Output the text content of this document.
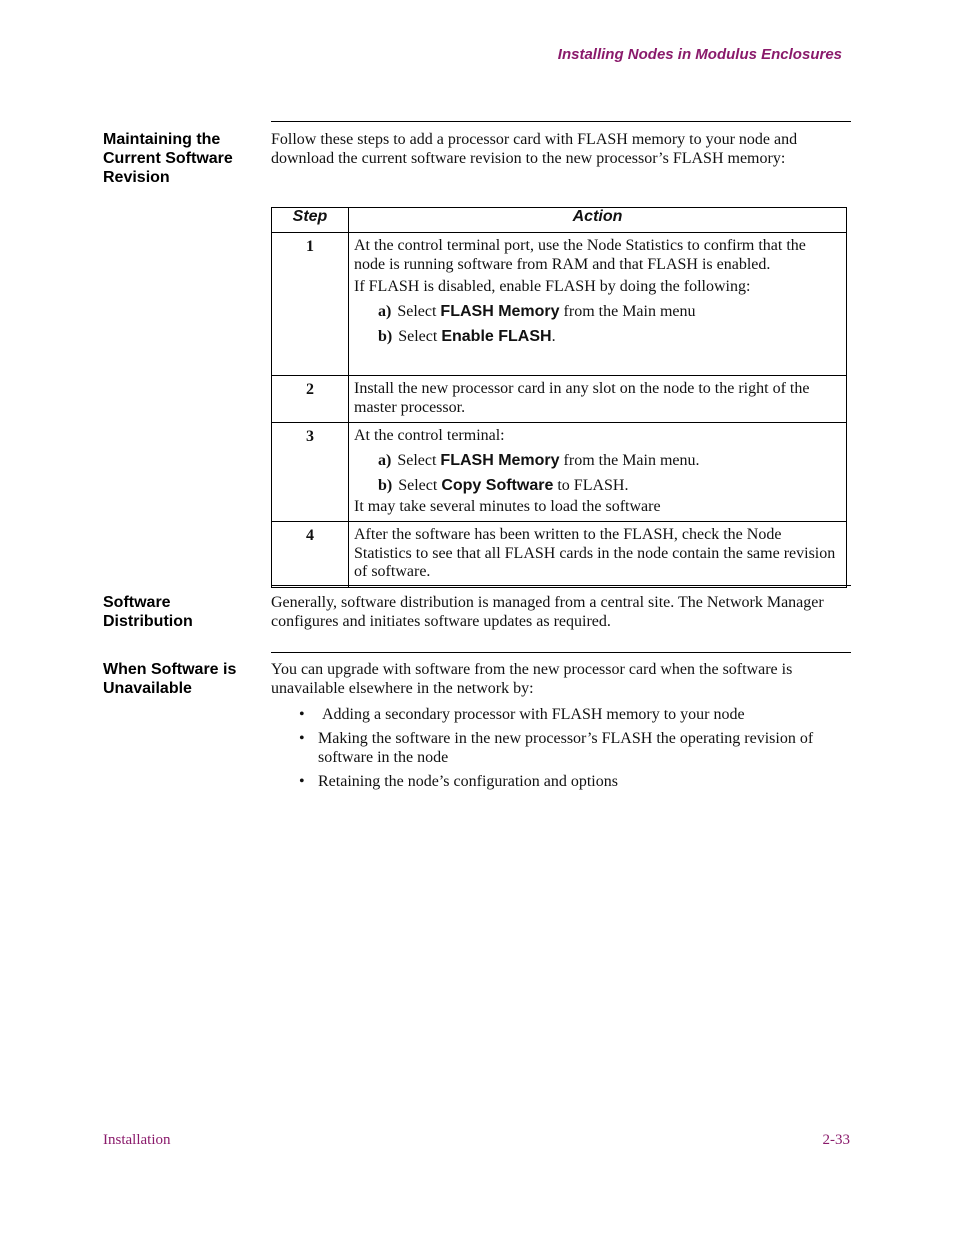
Installing Nodes in Modulus Enclosures
Maintaining the Current Software Revision
Follow these steps to add a processor card with FLASH memory to your node and download the current software revision to the new processor’s FLASH memory:
Step	Action
1	At the control terminal port, use the Node Statistics to confirm that the node is running software from RAM and that FLASH is enabled.

If FLASH is disabled, enable FLASH by doing the following:

a) Select FLASH Memory from the Main menu
b) Select Enable FLASH.

2	Install the new processor card in any slot on the node to the right of the master processor.

3	At the control terminal:

a) Select FLASH Memory from the Main menu.
b) Select Copy Software to FLASH.

It may take several minutes to load the software

4	After the software has been written to the FLASH, check the Node Statistics to see that all FLASH cards in the node contain the same revision of software.

Software Distribution
Generally, software distribution is managed from a central site. The Network Manager configures and initiates software updates as required.
When Software is Unavailable
You can upgrade with software from the new processor card when the software is unavailable elsewhere in the network by:
• Adding a secondary processor with FLASH memory to your node
• Making the software in the new processor’s FLASH the operating revision of software in the node
• Retaining the node’s configuration and options
Installation	2-33
